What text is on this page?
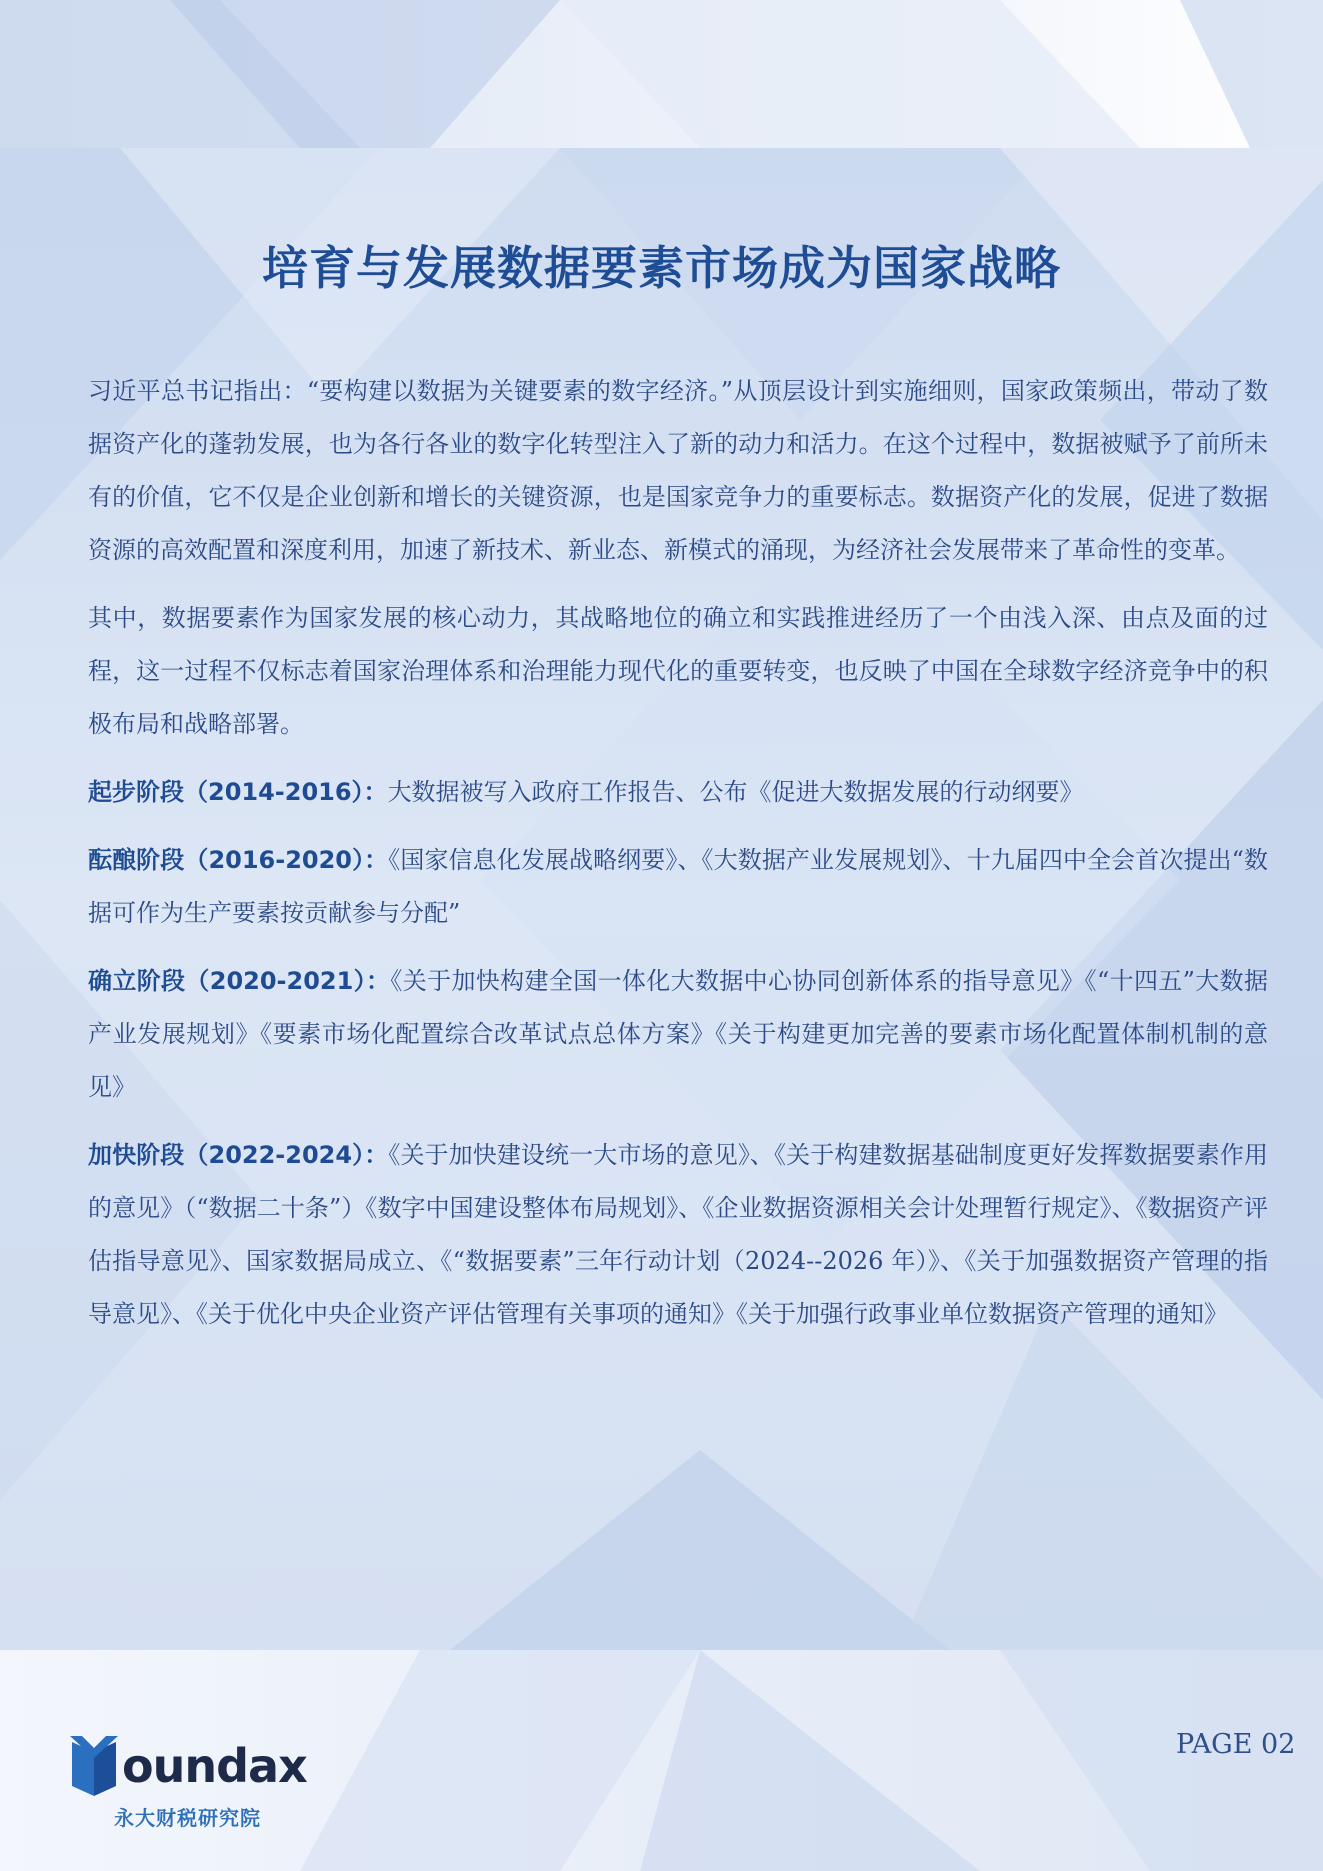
培育与发展数据要素市场成为国家战略

习近平总书记指出：“要构建以数据为关键要素的数字经济。”从顶层设计到实施细则，国家政策频出，带动了数据资产化的蓬勃发展，也为各行各业的数字化转型注入了新的动力和活力。在这个过程中，数据被赋予了前所未有的价值，它不仅是企业创新和增长的关键资源，也是国家竞争力的重要标志。数据资产化的发展，促进了数据资源的高效配置和深度利用，加速了新技术、新业态、新模式的涌现，为经济社会发展带来了革命性的变革。

其中，数据要素作为国家发展的核心动力，其战略地位的确立和实践推进经历了一个由浅入深、由点及面的过程，这一过程不仅标志着国家治理体系和治理能力现代化的重要转变，也反映了中国在全球数字经济竞争中的积极布局和战略部署。

起步阶段（2014-2016）：大数据被写入政府工作报告、公布《促进大数据发展的行动纲要》

酝酿阶段（2016-2020）：《国家信息化发展战略纲要》、《大数据产业发展规划》、十九届四中全会首次提出“数据可作为生产要素按贡献参与分配”

确立阶段（2020-2021）：《关于加快构建全国一体化大数据中心协同创新体系的指导意见》《“十四五”大数据产业发展规划》《要素市场化配置综合改革试点总体方案》《关于构建更加完善的要素市场化配置体制机制的意见》

加快阶段（2022-2024）：《关于加快建设统一大市场的意见》、《关于构建数据基础制度更好发挥数据要素作用的意见》（“数据二十条”）《数字中国建设整体布局规划》、《企业数据资源相关会计处理暂行规定》、《数据资产评估指导意见》、国家数据局成立、《“数据要素”三年行动计划（2024--2026 年）》、《关于加强数据资产管理的指导意见》、《关于优化中央企业资产评估管理有关事项的通知》《关于加强行政事业单位数据资产管理的通知》

oundax
永大财税研究院
PAGE 02
